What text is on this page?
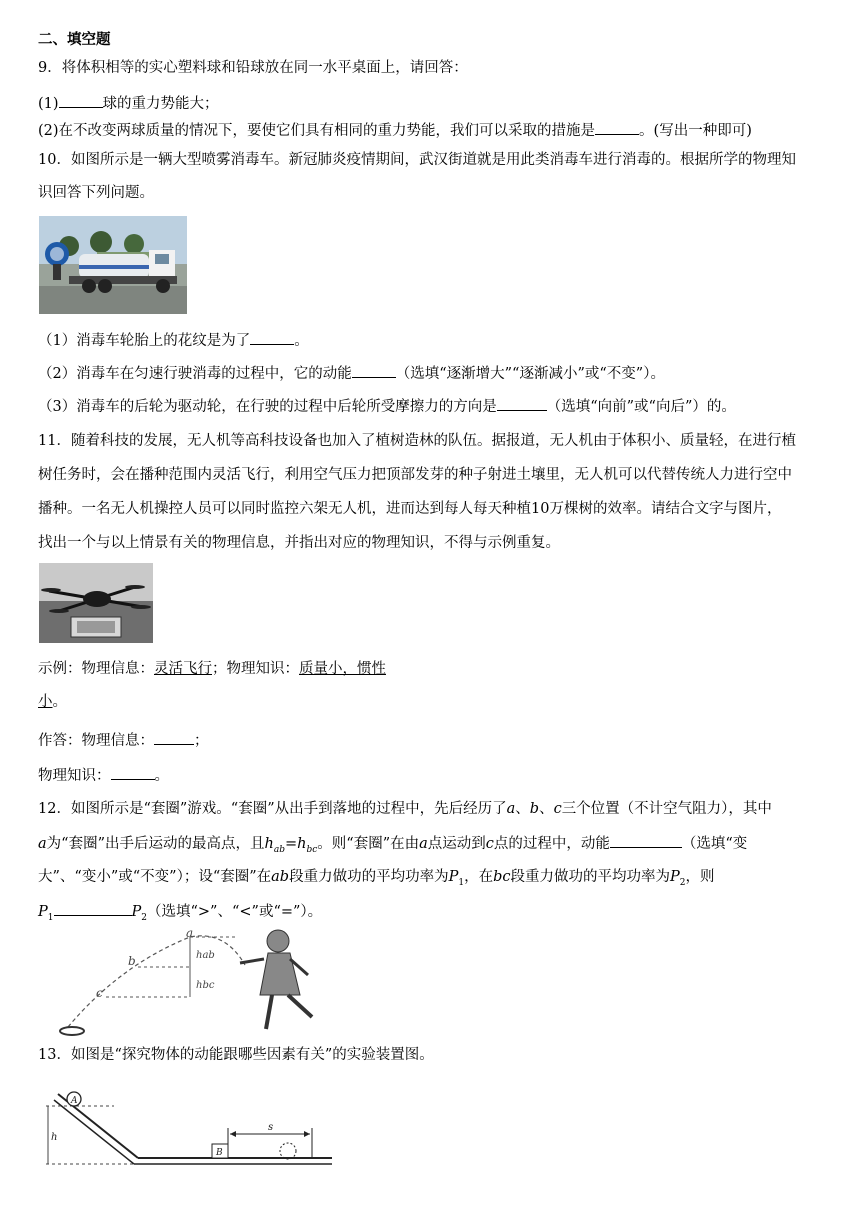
二、填空题
9．将体积相等的实心塑料球和铅球放在同一水平桌面上，请回答：
(1)	球的重力势能大；
(2)在不改变两球质量的情况下，要使它们具有相同的重力势能，我们可以采取的措施是	。(写出一种即可)
10．如图所示是一辆大型喷雾消毒车。新冠肺炎疫情期间，武汉街道就是用此类消毒车进行消毒的。根据所学的物理知
识回答下列问题。
（1）消毒车轮胎上的花纹是为了	。
（2）消毒车在匀速行驶消毒的过程中，它的动能	（选填“逐渐增大”“逐渐减小”或“不变”）。
（3）消毒车的后轮为驱动轮，在行驶的过程中后轮所受摩擦力的方向是	（选填“向前”或“向后”）的。
11．随着科技的发展，无人机等高科技设备也加入了植树造林的队伍。据报道，无人机由于体积小、质量轻，在进行植
树任务时，会在播种范围内灵活飞行，利用空气压力把顶部发芽的种子射进土壤里，无人机可以代替传统人力进行空中
播种。一名无人机操控人员可以同时监控六架无人机，进而达到每人每天种植10万棵树的效率。请结合文字与图片，
找出一个与以上情景有关的物理信息，并指出对应的物理知识，不得与示例重复。
示例：物理信息：灵活飞行；物理知识：质量小，惯性
小。
作答：物理信息：	；
物理知识：	。
12．如图所示是“套圈”游戏。“套圈”从出手到落地的过程中，先后经历了a、b、c三个位置（不计空气阻力），其中
a为“套圈”出手后运动的最高点，且$h_{ab}=h_{bc}$。则“套圈”在由a点运动到c点的过程中，动能	（选填“变
大”、“变小”或“不变”）；设“套圈”在ab段重力做功的平均功率为$P_1$，在bc段重力做功的平均功率为$P_2$，则
$P_1$	$P_2$（选填“>”、“<”或“=”）。
a
b
c
hab
hbc
13．如图是“探究物体的动能跟哪些因素有关”的实验装置图。
h
A
B
s
